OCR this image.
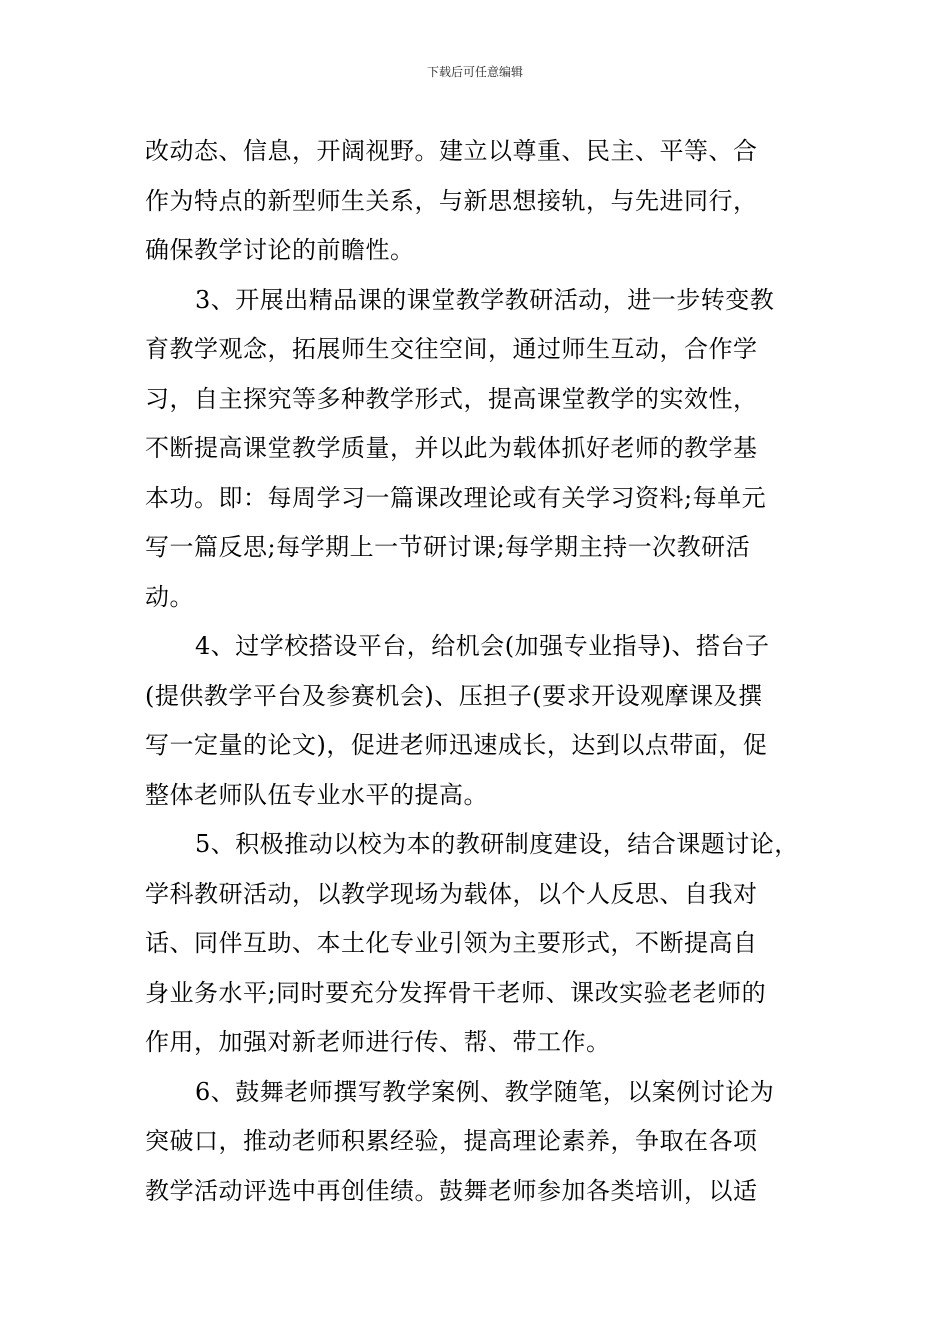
下载后可任意编辑
改动态、信息，开阔视野。建立以尊重、民主、平等、合
作为特点的新型师生关系，与新思想接轨，与先进同行，
确保教学讨论的前瞻性。
3、开展出精品课的课堂教学教研活动，进一步转变教
育教学观念，拓展师生交往空间，通过师生互动，合作学
习，自主探究等多种教学形式，提高课堂教学的实效性，
不断提高课堂教学质量，并以此为载体抓好老师的教学基
本功。即：每周学习一篇课改理论或有关学习资料;每单元
写一篇反思;每学期上一节研讨课;每学期主持一次教研活
动。
4、过学校搭设平台，给机会(加强专业指导)、搭台子
(提供教学平台及参赛机会)、压担子(要求开设观摩课及撰
写一定量的论文)，促进老师迅速成长，达到以点带面，促
整体老师队伍专业水平的提高。
5、积极推动以校为本的教研制度建设，结合课题讨论，
学科教研活动，以教学现场为载体，以个人反思、自我对
话、同伴互助、本土化专业引领为主要形式，不断提高自
身业务水平;同时要充分发挥骨干老师、课改实验老老师的
作用，加强对新老师进行传、帮、带工作。
6、鼓舞老师撰写教学案例、教学随笔，以案例讨论为
突破口，推动老师积累经验，提高理论素养，争取在各项
教学活动评选中再创佳绩。鼓舞老师参加各类培训，以适
